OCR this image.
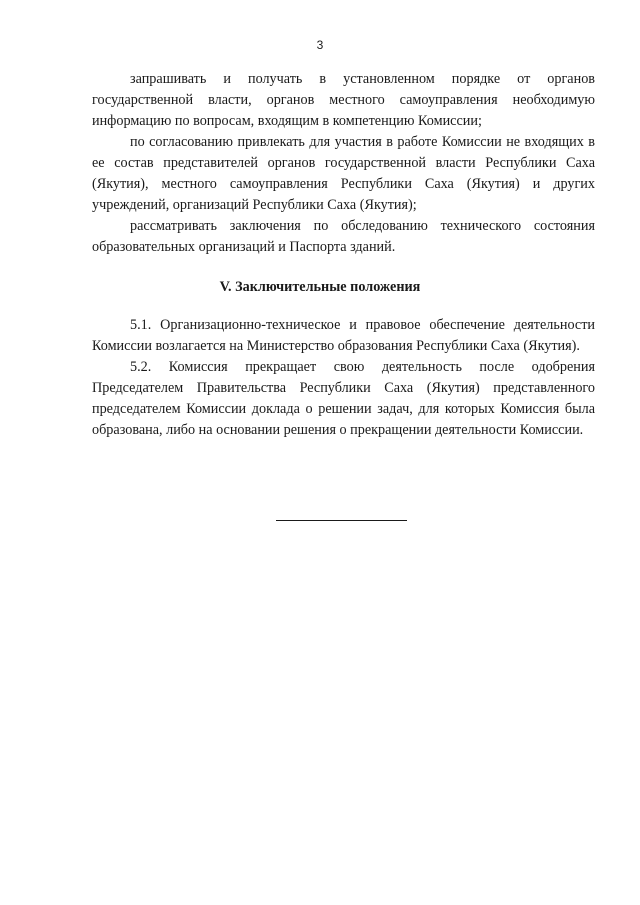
3

запрашивать и получать в установленном порядке от органов государственной власти, органов местного самоуправления необходимую информацию по вопросам, входящим в компетенцию Комиссии;

по согласованию привлекать для участия в работе Комиссии не входящих в ее состав представителей органов государственной власти Республики Саха (Якутия), местного самоуправления Республики Саха (Якутия) и других учреждений, организаций Республики Саха (Якутия);

рассматривать заключения по обследованию технического состояния образовательных организаций и Паспорта зданий.

V. Заключительные положения

5.1. Организационно-техническое и правовое обеспечение деятельности Комиссии возлагается на Министерство образования Республики Саха (Якутия).

5.2. Комиссия прекращает свою деятельность после одобрения Председателем Правительства Республики Саха (Якутия) представленного председателем Комиссии доклада о решении задач, для которых Комиссия была образована, либо на основании решения о прекращении деятельности Комиссии.
